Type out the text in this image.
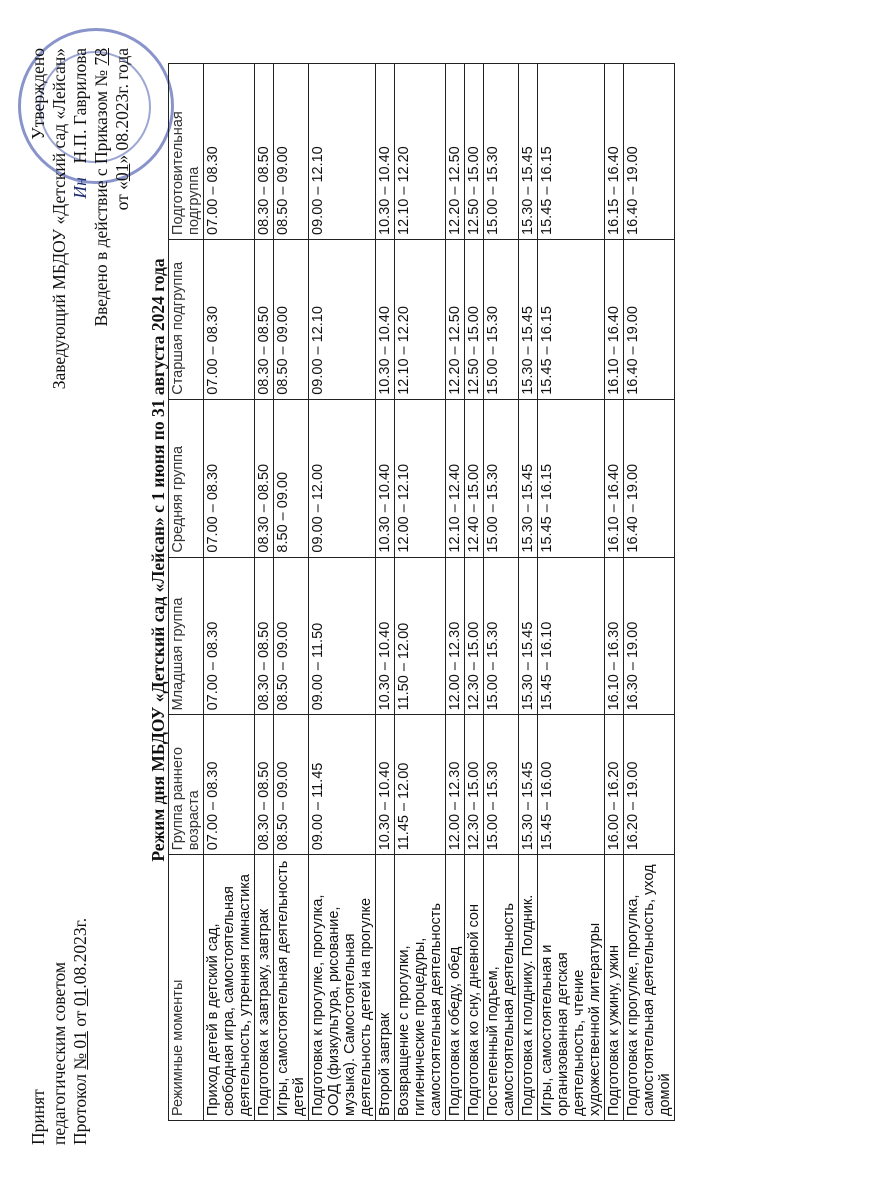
Принят педагогическим советом Протокол № 01 от 01.08.2023г.
Утверждено Заведующий МБДОУ «Детский сад «Лейсан» Ин Н.П. Гаврилова Введено в действие с Приказом № 78
от «01» 08.2023г. года
Режим дня МБДОУ «Детский сад «Лейсан» с 1 июня по 31 августа 2024 года
Режимные моменты	Группа раннего возраста	Младшая группа	Средняя группа	Старшая подгруппа	Подготовительная подгруппа
Приход детей в детский сад, свободная игра, самостоятельная деятельность, утренняя гимнастика	07.00 – 08.30	07.00 – 08.30	07.00 – 08.30	07.00 – 08.30	07.00 – 08.30
Подготовка к завтраку, завтрак	08.30 – 08.50	08.30 – 08.50	08.30 – 08.50	08.30 – 08.50	08.30 – 08.50
Игры, самостоятельная деятельность детей	08.50 – 09.00	08.50 – 09.00	8.50 – 09.00	08.50 – 09.00	08.50 – 09.00
Подготовка к прогулке, прогулка, ООД (физкультура, рисование, музыка). Самостоятельная деятельность детей на прогулке	09.00 – 11.45	09.00 – 11.50	09.00 – 12.00	09.00 – 12.10	09.00 – 12.10
Второй завтрак	10.30 – 10.40	10.30 – 10.40	10.30 – 10.40	10.30 – 10.40	10.30 – 10.40
Возвращение с прогулки, гигиенические процедуры, самостоятельная деятельность	11.45 – 12.00	11.50 – 12.00	12.00 – 12.10	12.10 – 12.20	12.10 – 12.20
Подготовка к обеду, обед	12.00 – 12.30	12.00 – 12.30	12.10 – 12.40	12.20 – 12.50	12.20 – 12.50
Подготовка ко сну, дневной сон	12.30 – 15.00	12.30 – 15.00	12.40 – 15.00	12.50 – 15.00	12.50 – 15.00
Постепенный подъем, самостоятельная деятельность	15.00 – 15.30	15.00 – 15.30	15.00 – 15.30	15.00 – 15.30	15.00 – 15.30
Подготовка к полднику. Полдник.	15.30 – 15.45	15.30 – 15.45	15.30 – 15.45	15.30 – 15.45	15.30 – 15.45
Игры, самостоятельная и организованная детская деятельность, чтение художественной литературы	15.45 – 16.00	15.45 – 16.10	15.45 – 16.15	15.45 – 16.15	15.45 – 16.15
Подготовка к ужину, ужин	16.00 – 16.20	16.10 – 16.30	16.10 – 16.40	16.10 – 16.40	16.15 – 16.40
Подготовка к прогулке, прогулка, самостоятельная деятельность, уход домой	16.20 – 19.00	16.30 – 19.00	16.40 – 19.00	16.40 – 19.00	16.40 – 19.00
